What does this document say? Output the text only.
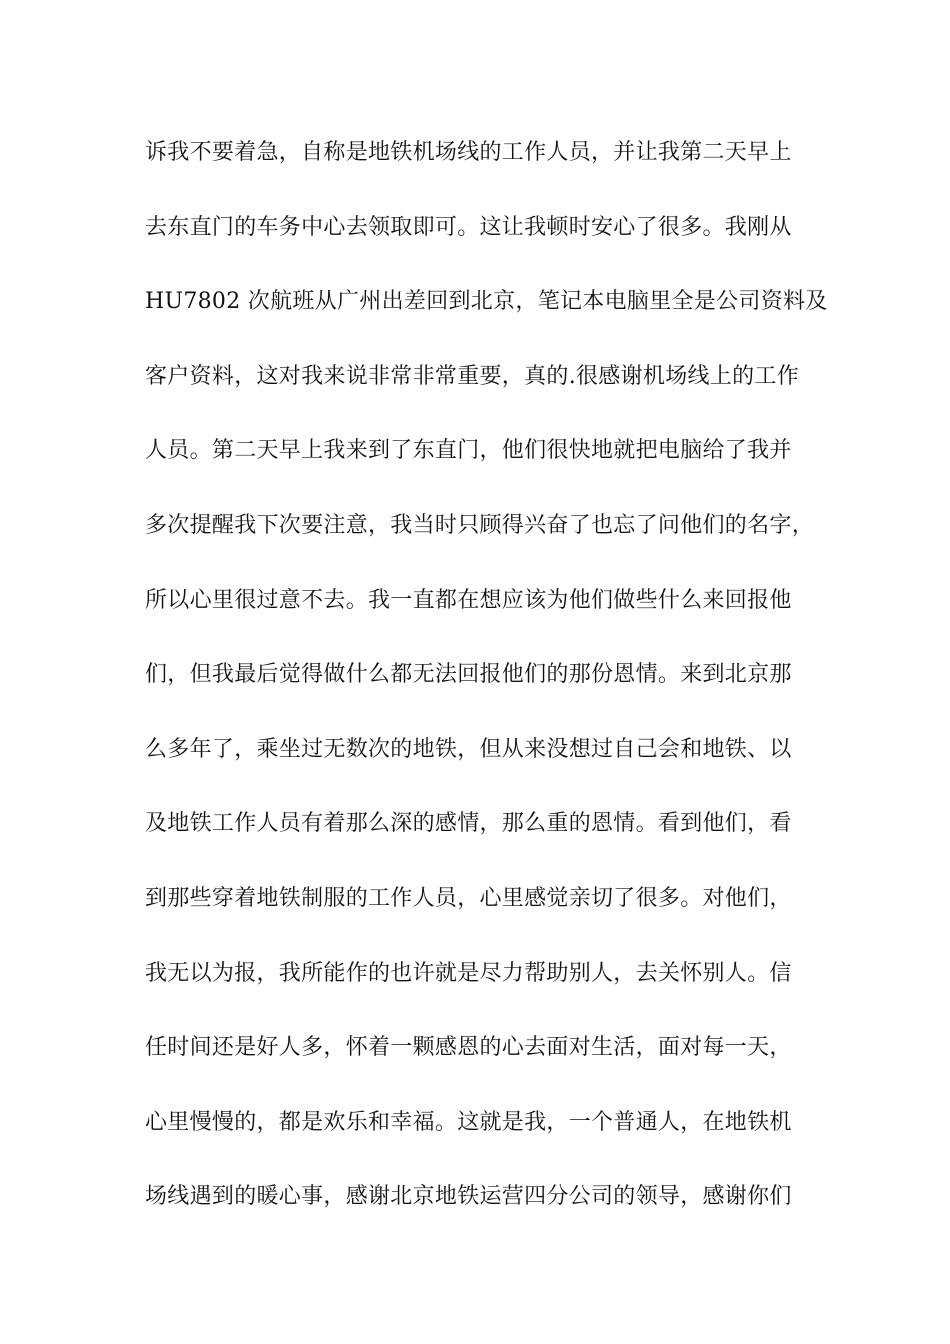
诉我不要着急，自称是地铁机场线的工作人员，并让我第二天早上
去东直门的车务中心去领取即可。这让我顿时安心了很多。我刚从
HU7802 次航班从广州出差回到北京，笔记本电脑里全是公司资料及
客户资料，这对我来说非常非常重要，真的.很感谢机场线上的工作
人员。第二天早上我来到了东直门，他们很快地就把电脑给了我并
多次提醒我下次要注意，我当时只顾得兴奋了也忘了问他们的名字，
所以心里很过意不去。我一直都在想应该为他们做些什么来回报他
们，但我最后觉得做什么都无法回报他们的那份恩情。来到北京那
么多年了，乘坐过无数次的地铁，但从来没想过自己会和地铁、以
及地铁工作人员有着那么深的感情，那么重的恩情。看到他们，看
到那些穿着地铁制服的工作人员，心里感觉亲切了很多。对他们，
我无以为报，我所能作的也许就是尽力帮助别人，去关怀别人。信
任时间还是好人多，怀着一颗感恩的心去面对生活，面对每一天，
心里慢慢的，都是欢乐和幸福。这就是我，一个普通人，在地铁机
场线遇到的暖心事，感谢北京地铁运营四分公司的领导，感谢你们
